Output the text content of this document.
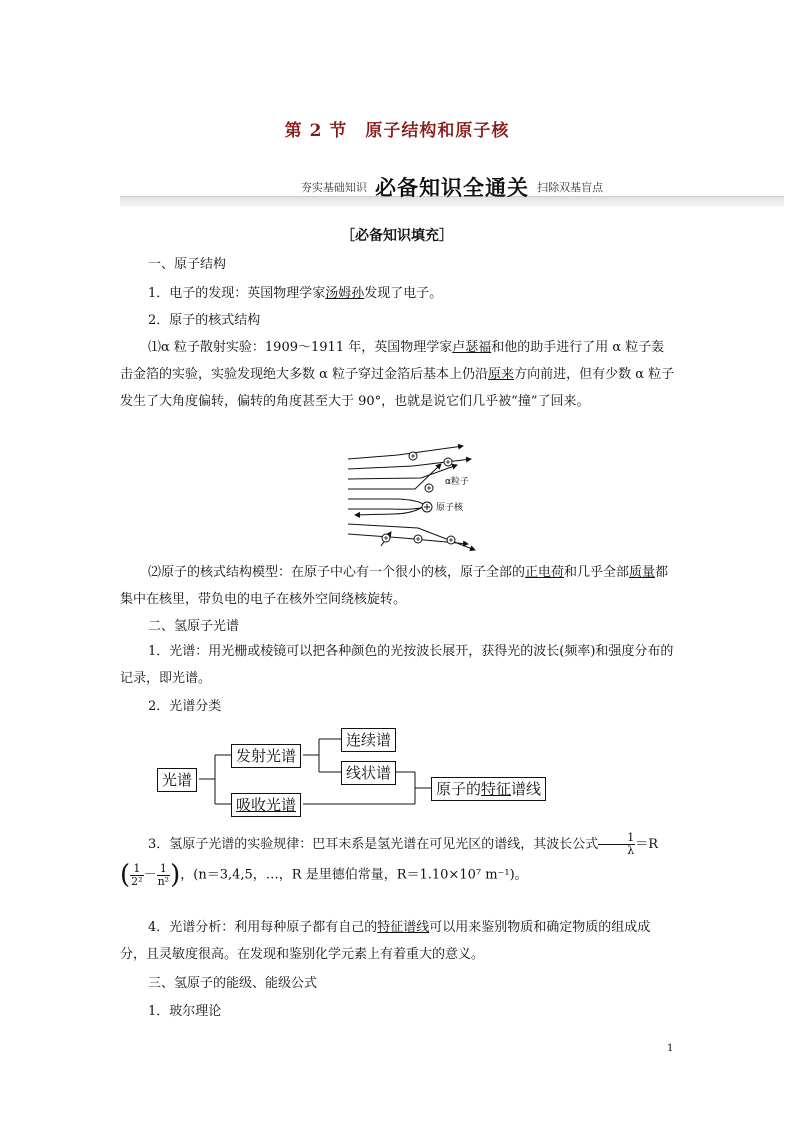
第 2 节　原子结构和原子核
夯实基础知识 必备知识全通关 扫除双基盲点
［必备知识填充］
一、原子结构
1．电子的发现：英国物理学家汤姆孙发现了电子。
2．原子的核式结构
⑴α 粒子散射实验：1909～1911 年，英国物理学家卢瑟福和他的助手进行了用 α 粒子轰击金箔的实验，实验发现绝大多数 α 粒子穿过金箔后基本上仍沿原来方向前进，但有少数 α 粒子发生了大角度偏转，偏转的角度甚至大于 90°，也就是说它们几乎被“撞”了回来。
α粒子
原子核
⑵原子的核式结构模型：在原子中心有一个很小的核，原子全部的正电荷和几乎全部质量都集中在核里，带负电的电子在核外空间绕核旋转。
二、氢原子光谱
1．光谱：用光栅或棱镜可以把各种颜色的光按波长展开，获得光的波长(频率)和强度分布的记录，即光谱。
2．光谱分类
光谱
发射光谱
吸收光谱
连续谱
线状谱
原子的特征谱线
3．氢原子光谱的实验规律：巴耳末系是氢光谱在可见光区的谱线，其波长公式 $\frac{1}{\lambda} =R$
( $\frac{1}{\text{2²}} - \frac{1}{\text{n²}}$ )，(n＝3,4,5，…，R 是里德伯常量，R＝1.10×10⁷ m⁻¹)。
4．光谱分析：利用每种原子都有自己的特征谱线可以用来鉴别物质和确定物质的组成成分，且灵敏度很高。在发现和鉴别化学元素上有着重大的意义。
三、氢原子的能级、能级公式
1．玻尔理论
1
